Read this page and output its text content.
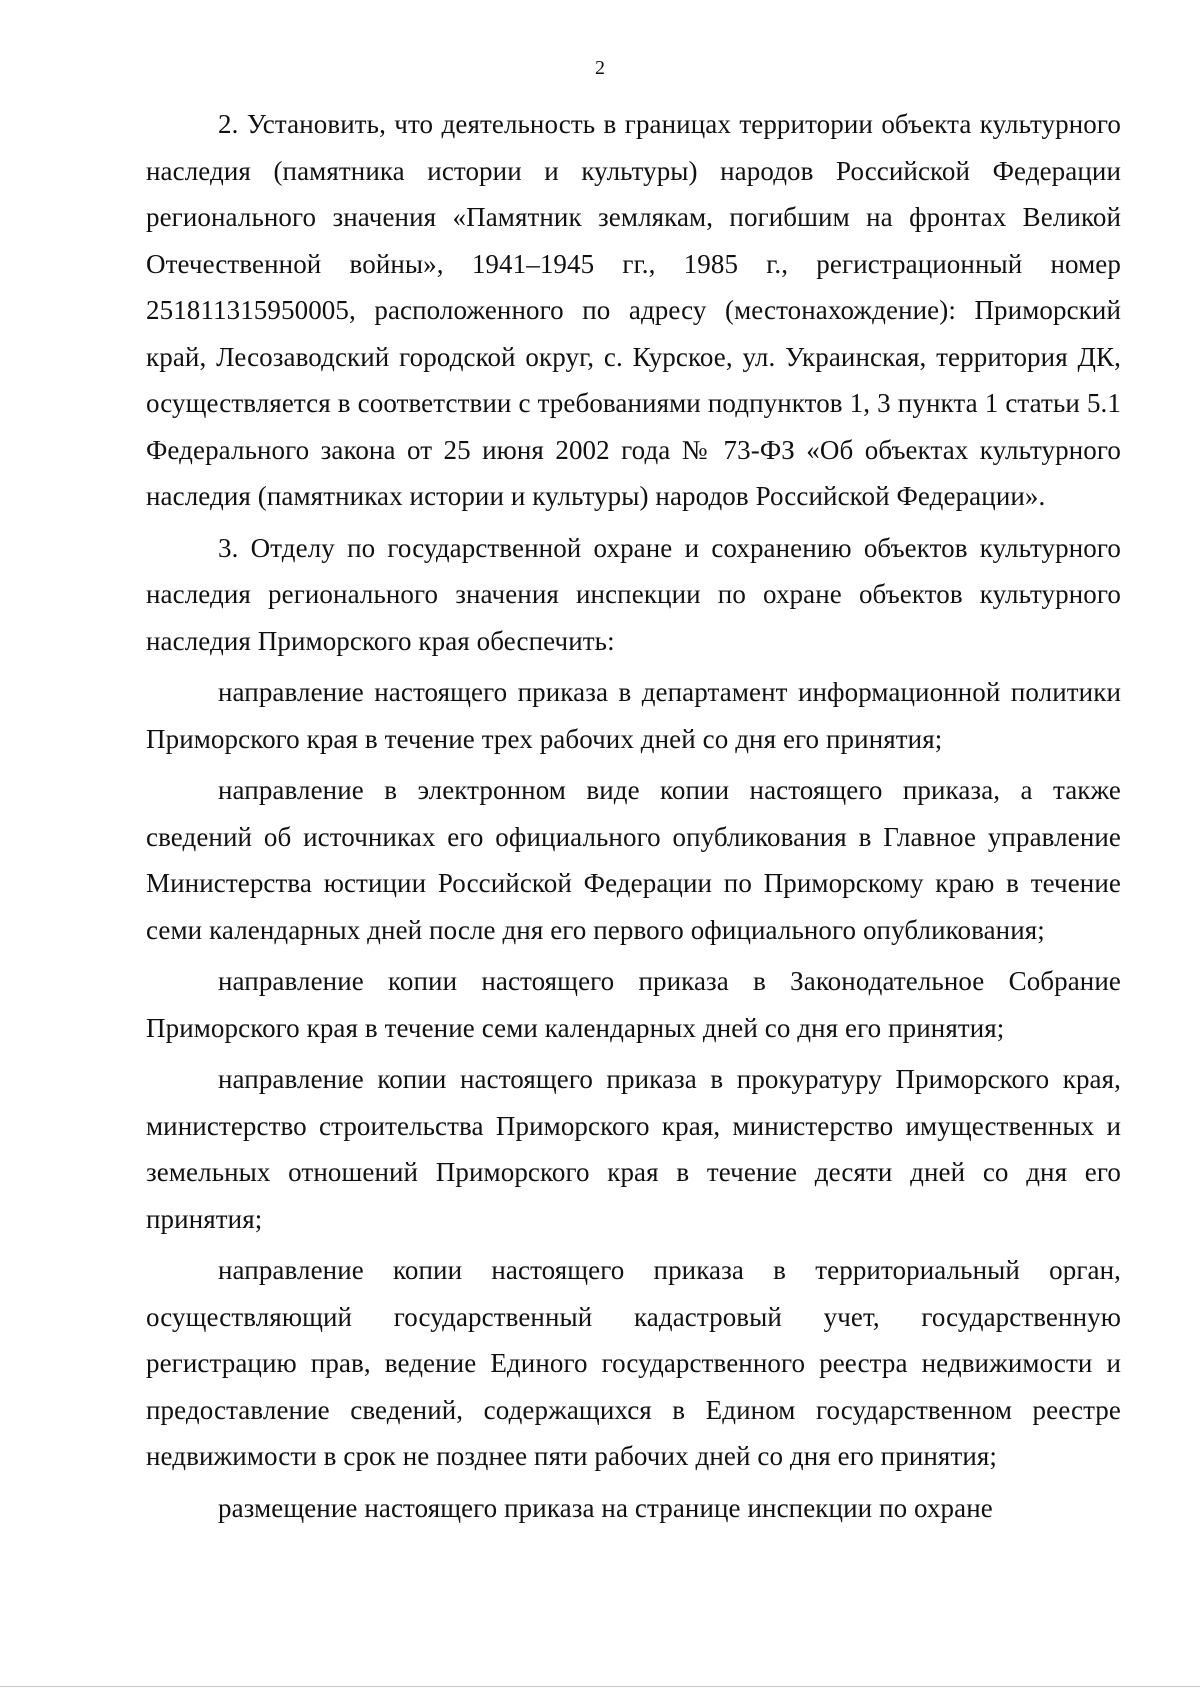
2

2. Установить, что деятельность в границах территории объекта культурного наследия (памятника истории и культуры) народов Российской Федерации регионального значения «Памятник землякам, погибшим на фронтах Великой Отечественной войны», 1941–1945 гг., 1985 г., регистрационный номер 251811315950005, расположенного по адресу (местонахождение): Приморский край, Лесозаводский городской округ, с. Курское, ул. Украинская, территория ДК, осуществляется в соответствии с требованиями подпунктов 1, 3 пункта 1 статьи 5.1 Федерального закона от 25 июня 2002 года № 73-ФЗ «Об объектах культурного наследия (памятниках истории и культуры) народов Российской Федерации».

3. Отделу по государственной охране и сохранению объектов культурного наследия регионального значения инспекции по охране объектов культурного наследия Приморского края обеспечить:

направление настоящего приказа в департамент информационной политики Приморского края в течение трех рабочих дней со дня его принятия;

направление в электронном виде копии настоящего приказа, а также сведений об источниках его официального опубликования в Главное управление Министерства юстиции Российской Федерации по Приморскому краю в течение семи календарных дней после дня его первого официального опубликования;

направление копии настоящего приказа в Законодательное Собрание Приморского края в течение семи календарных дней со дня его принятия;

направление копии настоящего приказа в прокуратуру Приморского края, министерство строительства Приморского края, министерство имущественных и земельных отношений Приморского края в течение десяти дней со дня его принятия;

направление копии настоящего приказа в территориальный орган, осуществляющий государственный кадастровый учет, государственную регистрацию прав, ведение Единого государственного реестра недвижимости и предоставление сведений, содержащихся в Едином государственном реестре недвижимости в срок не позднее пяти рабочих дней со дня его принятия;

размещение настоящего приказа на странице инспекции по охране
